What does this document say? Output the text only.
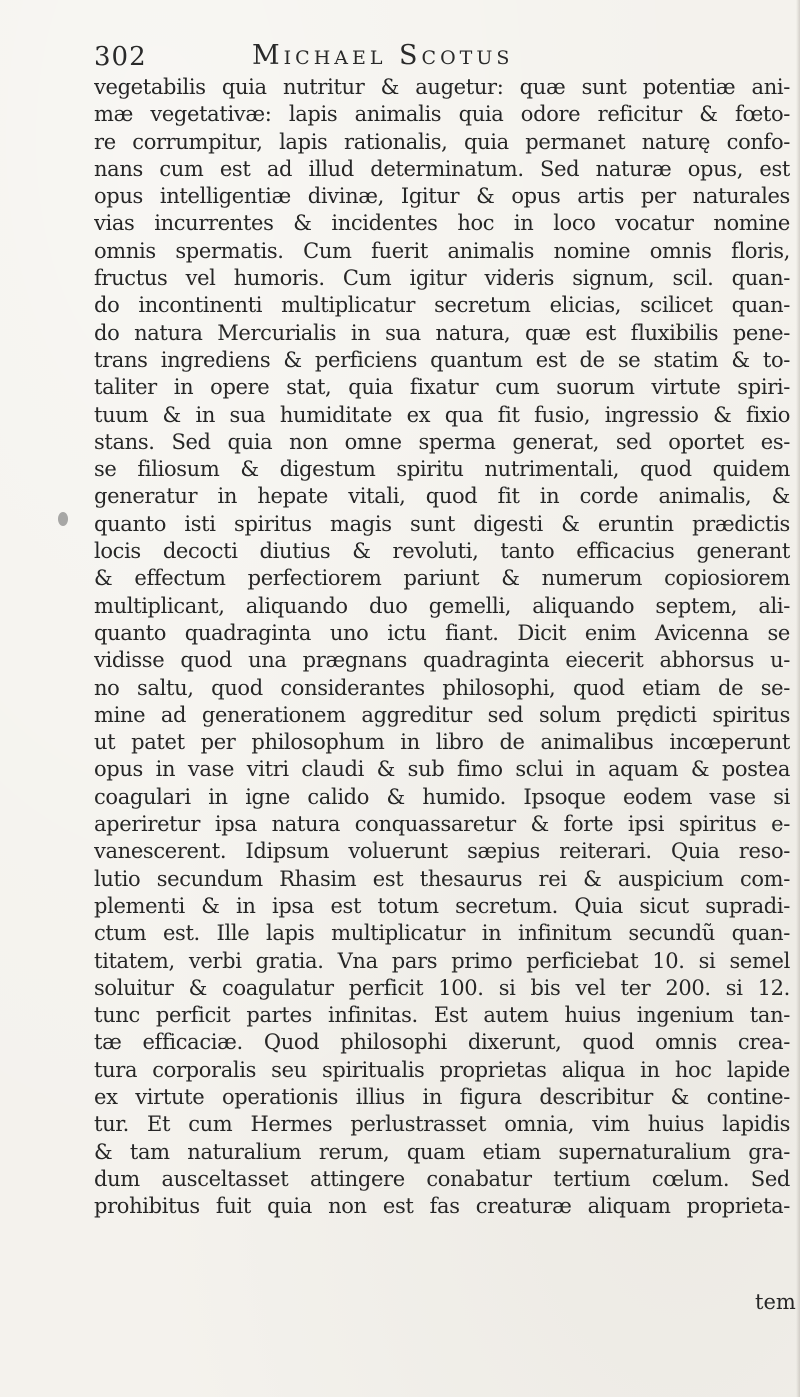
302	Michael Scotus
vegetabilis quia nutritur & augetur: quæ sunt potentiæ ani-
mæ vegetativæ: lapis animalis quia odore reficitur & fœto-
re corrumpitur, lapis rationalis, quia permanet naturę confo-
nans cum est ad illud determinatum. Sed naturæ opus, est
opus intelligentiæ divinæ, Igitur & opus artis per naturales
vias incurrentes & incidentes hoc in loco vocatur nomine
omnis spermatis. Cum fuerit animalis nomine omnis floris,
fructus vel humoris. Cum igitur videris signum, scil. quan-
do incontinenti multiplicatur secretum elicias, scilicet quan-
do natura Mercurialis in sua natura, quæ est fluxibilis pene-
trans ingrediens & perficiens quantum est de se statim & to-
taliter in opere stat, quia fixatur cum suorum virtute spiri-
tuum & in sua humiditate ex qua fit fusio, ingressio & fixio
stans. Sed quia non omne sperma generat, sed oportet es-
se filiosum & digestum spiritu nutrimentali, quod quidem
generatur in hepate vitali, quod fit in corde animalis, &
quanto isti spiritus magis sunt digesti & eruntin prædictis
locis decocti diutius & revoluti, tanto efficacius generant
& effectum perfectiorem pariunt & numerum copiosiorem
multiplicant, aliquando duo gemelli, aliquando septem, ali-
quanto quadraginta uno ictu fiant. Dicit enim Avicenna se
vidisse quod una prægnans quadraginta eiecerit abhorsus u-
no saltu, quod considerantes philosophi, quod etiam de se-
mine ad generationem aggreditur sed solum prędicti spiritus
ut patet per philosophum in libro de animalibus incœperunt
opus in vase vitri claudi & sub fimo sclui in aquam & postea
coagulari in igne calido & humido. Ipsoque eodem vase si
aperiretur ipsa natura conquassaretur & forte ipsi spiritus e-
vanescerent. Idipsum voluerunt sæpius reiterari. Quia reso-
lutio secundum Rhasim est thesaurus rei & auspicium com-
plementi & in ipsa est totum secretum. Quia sicut supradi-
ctum est. Ille lapis multiplicatur in infinitum secundũ quan-
titatem, verbi gratia. Vna pars primo perficiebat 10. si semel
soluitur & coagulatur perficit 100. si bis vel ter 200. si 12.
tunc perficit partes infinitas. Est autem huius ingenium tan-
tæ efficaciæ. Quod philosophi dixerunt, quod omnis crea-
tura corporalis seu spiritualis proprietas aliqua in hoc lapide
ex virtute operationis illius in figura describitur & contine-
tur. Et cum Hermes perlustrasset omnia, vim huius lapidis
& tam naturalium rerum, quam etiam supernaturalium gra-
dum ausceltasset attingere conabatur tertium cœlum. Sed
prohibitus fuit quia non est fas creaturæ aliquam proprieta-
tem
